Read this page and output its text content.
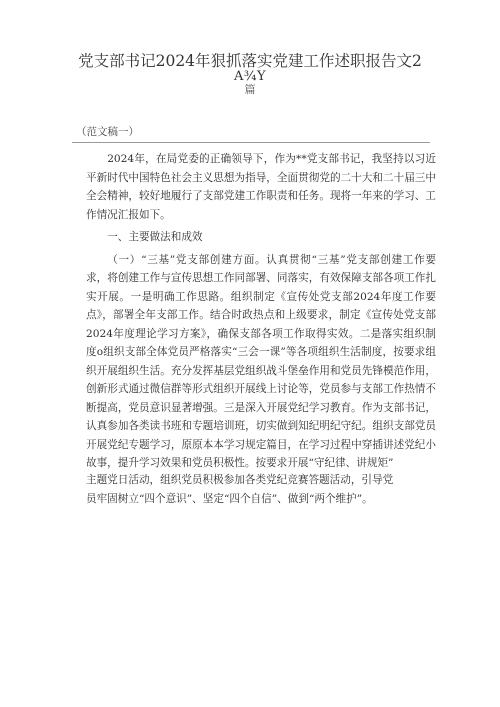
党支部书记2024年狠抓落实党建工作述职报告文2
A¾Y
篇
（范文稿一）

2024年，在局党委的正确领导下，作为**党支部书记，我坚持以习近平新时代中国特色社会主义思想为指导，全面贯彻党的二十大和二十届三中全会精神，较好地履行了支部党建工作职责和任务。现将一年来的学习、工作情况汇报如下。

一、主要做法和成效

（一）“三基”党支部创建方面。认真贯彻“三基”党支部创建工作要求，将创建工作与宣传思想工作同部署、同落实，有效保障支部各项工作扎实开展。一是明确工作思路。组织制定《宣传处党支部2024年度工作要点》，部署全年支部工作。结合时政热点和上级要求，制定《宣传处党支部2024年度理论学习方案》，确保支部各项工作取得实效。二是落实组织制度o组织支部全体党员严格落实“三会一课”等各项组织生活制度，按要求组织开展组织生活。充分发挥基层党组织战斗堡垒作用和党员先锋模范作用，创新形式通过微信群等形式组织开展线上讨论等，党员参与支部工作热情不断提高，党员意识显著增强。三是深入开展党纪学习教育。作为支部书记，认真参加各类读书班和专题培训班，切实做到知纪明纪守纪。组织支部党员开展党纪专题学习，原原本本学习规定篇目，在学习过程中穿插讲述党纪小故事，提升学习效果和党员积极性。按要求开展“守纪律、讲规矩”

主题党日活动，组织党员积极参加各类党纪竞赛答题活动，引导党

员牢固树立“四个意识”、坚定“四个自信”、做到“两个维护”。
